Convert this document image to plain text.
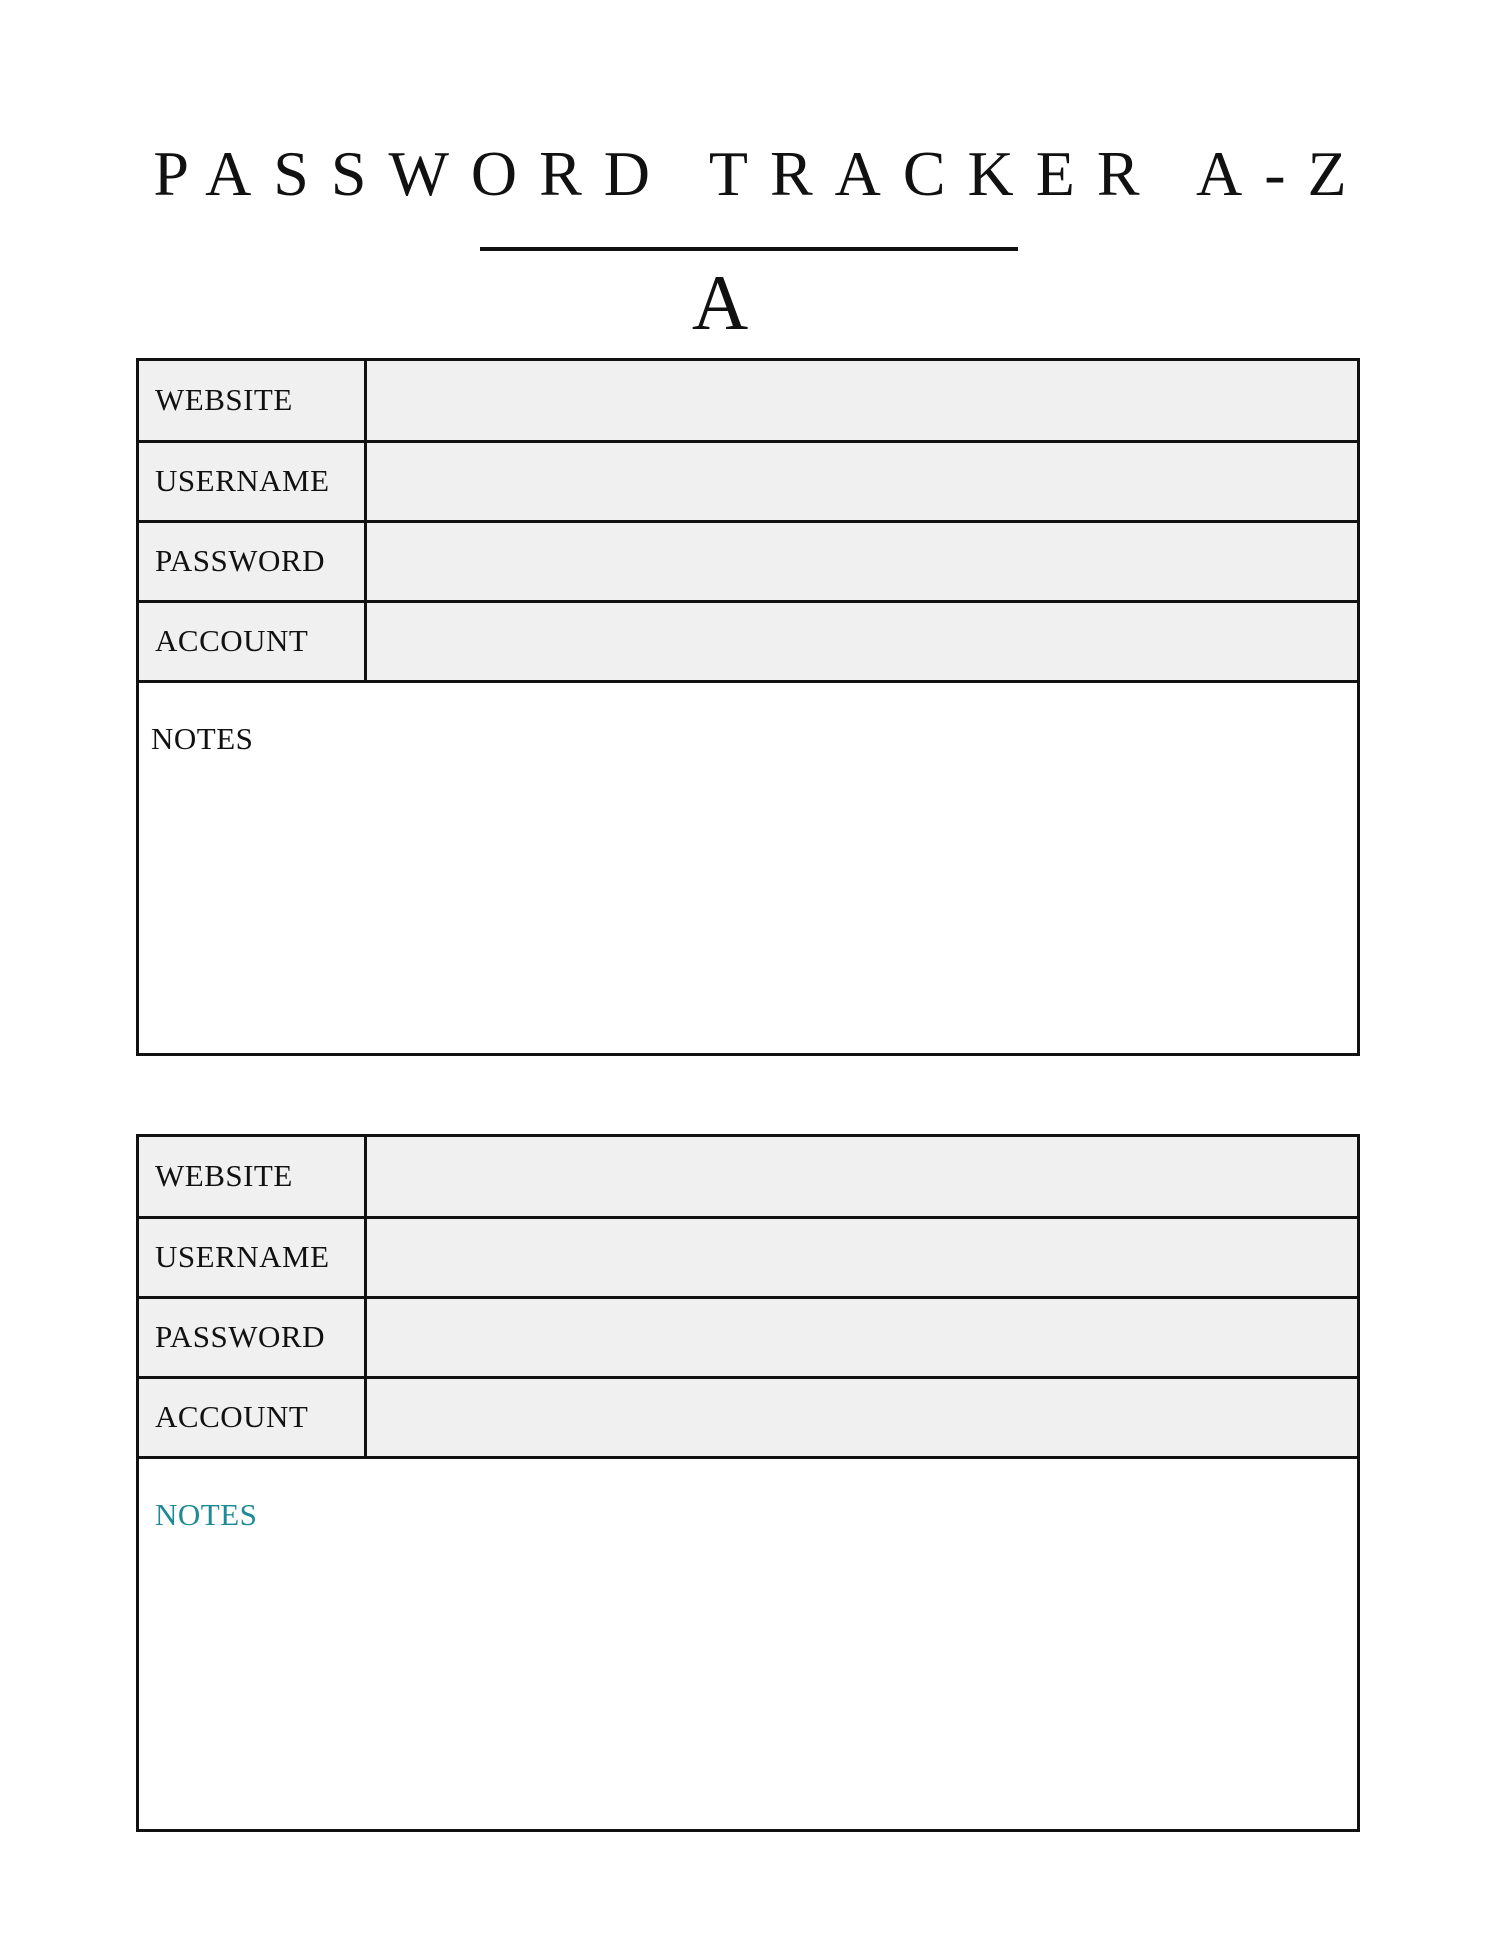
PASSWORD TRACKER A-Z
A
WEBSITE	
USERNAME	
PASSWORD	
ACCOUNT	
NOTES
WEBSITE	
USERNAME	
PASSWORD	
ACCOUNT	
NOTES
